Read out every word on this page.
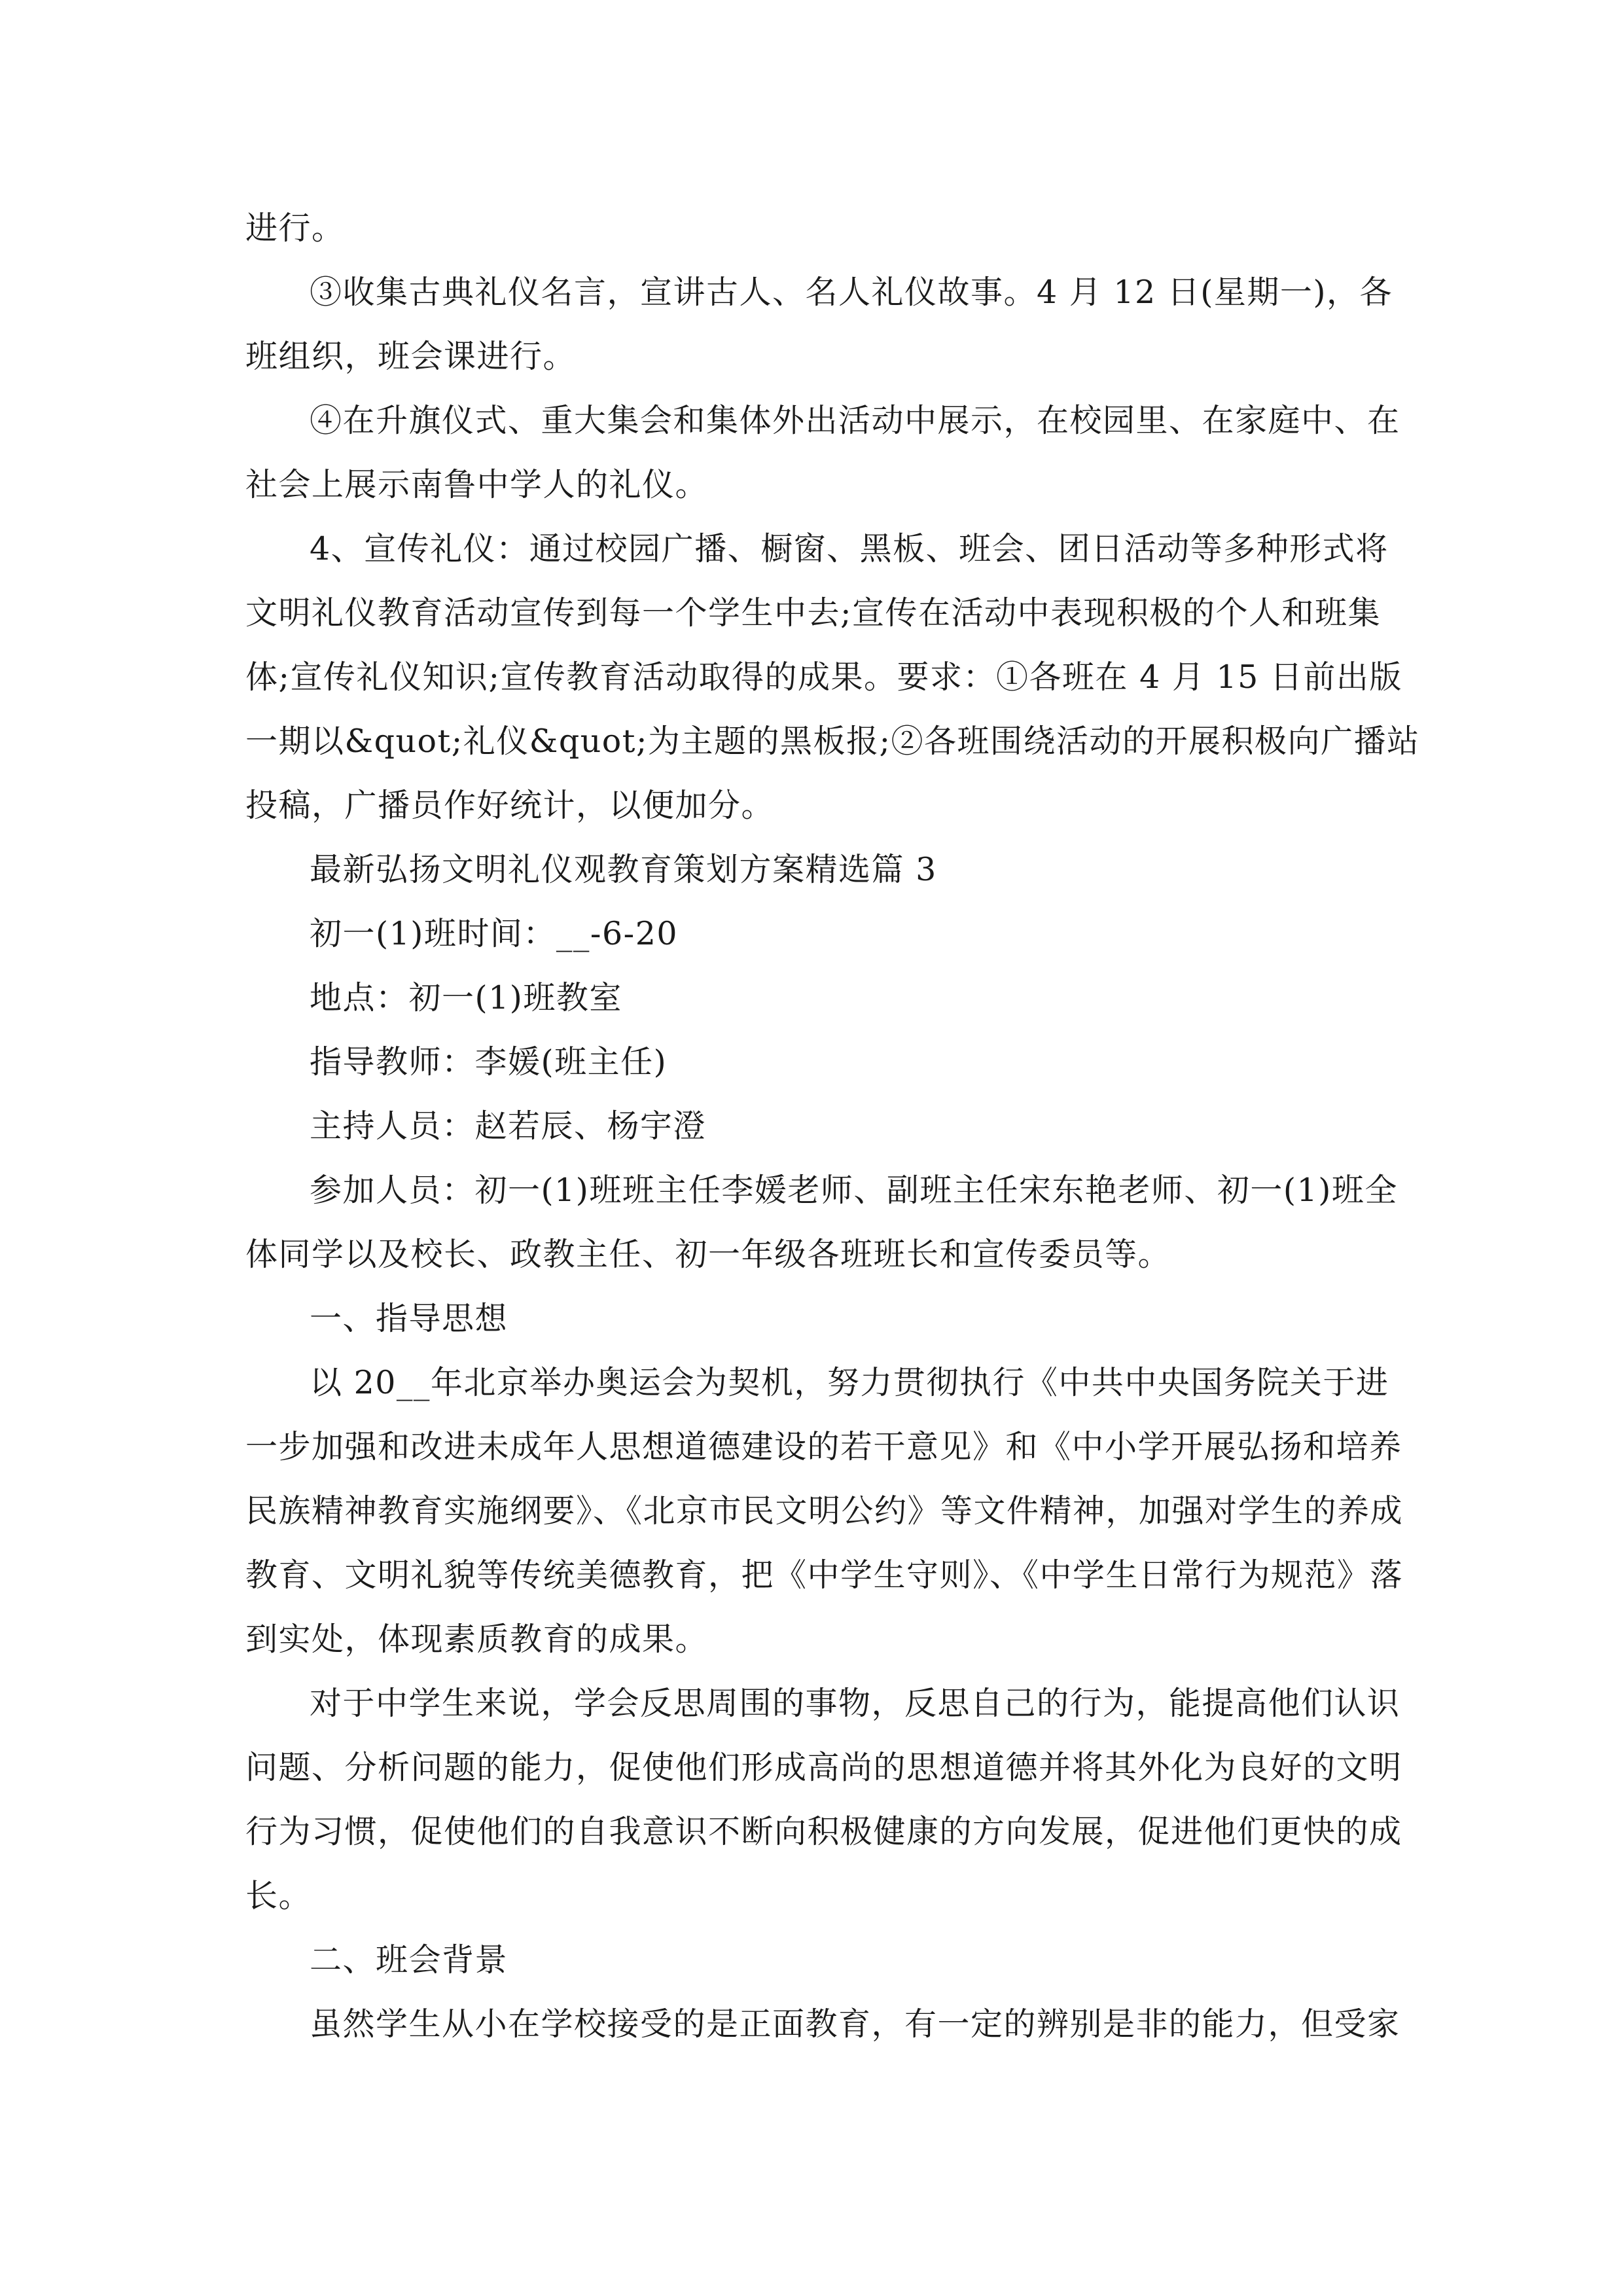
进行。
③收集古典礼仪名言，宣讲古人、名人礼仪故事。4 月 12 日(星期一)，各
班组织，班会课进行。
④在升旗仪式、重大集会和集体外出活动中展示，在校园里、在家庭中、在
社会上展示南鲁中学人的礼仪。
4、宣传礼仪：通过校园广播、橱窗、黑板、班会、团日活动等多种形式将
文明礼仪教育活动宣传到每一个学生中去;宣传在活动中表现积极的个人和班集
体;宣传礼仪知识;宣传教育活动取得的成果。要求：①各班在 4 月 15 日前出版
一期以&quot;礼仪&quot;为主题的黑板报;②各班围绕活动的开展积极向广播站
投稿，广播员作好统计，以便加分。
最新弘扬文明礼仪观教育策划方案精选篇 3
初一(1)班时间：__-6-20
地点：初一(1)班教室
指导教师：李媛(班主任)
主持人员：赵若辰、杨宇澄
参加人员：初一(1)班班主任李媛老师、副班主任宋东艳老师、初一(1)班全
体同学以及校长、政教主任、初一年级各班班长和宣传委员等。
一、指导思想
以 20__年北京举办奥运会为契机，努力贯彻执行《中共中央国务院关于进
一步加强和改进未成年人思想道德建设的若干意见》和《中小学开展弘扬和培养
民族精神教育实施纲要》、《北京市民文明公约》等文件精神，加强对学生的养成
教育、文明礼貌等传统美德教育，把《中学生守则》、《中学生日常行为规范》落
到实处，体现素质教育的成果。
对于中学生来说，学会反思周围的事物，反思自己的行为，能提高他们认识
问题、分析问题的能力，促使他们形成高尚的思想道德并将其外化为良好的文明
行为习惯，促使他们的自我意识不断向积极健康的方向发展，促进他们更快的成
长。
二、班会背景
虽然学生从小在学校接受的是正面教育，有一定的辨别是非的能力，但受家
